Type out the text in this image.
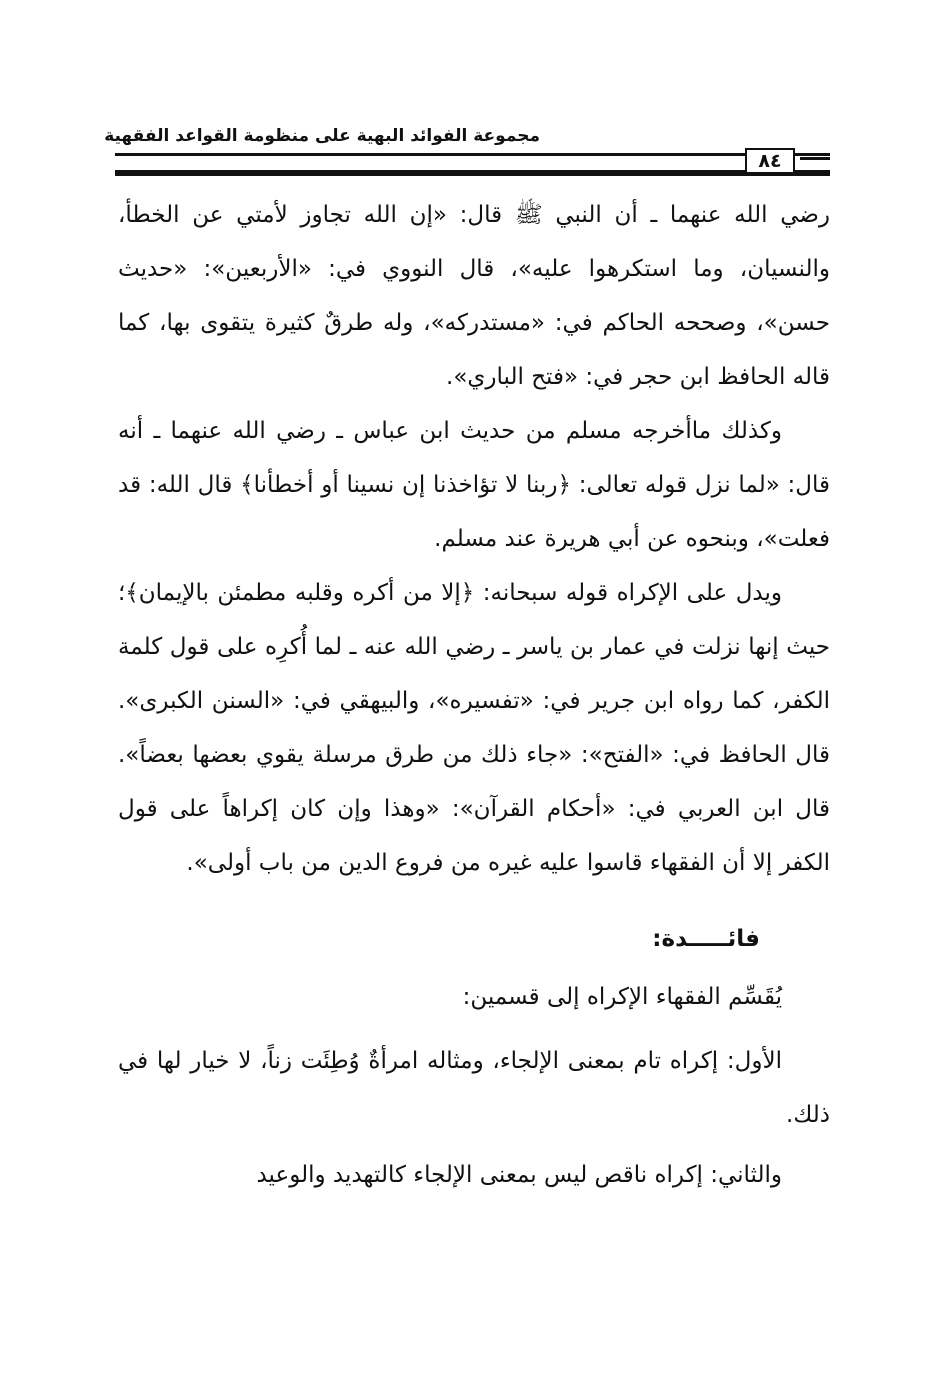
مجموعة الفوائد البهية على منظومة القواعد الفقهية
٨٤

رضي الله عنهما ـ أن النبي ﷺ قال: «إن الله تجاوز لأمتي عن الخطأ، والنسيان، وما استكرهوا عليه»، قال النووي في: «الأربعين»: «حديث حسن»، وصححه الحاكم في: «مستدركه»، وله طرقٌ كثيرة يتقوى بها، كما قاله الحافظ ابن حجر في: «فتح الباري».

وكذلك ماأخرجه مسلم من حديث ابن عباس ـ رضي الله عنهما ـ أنه قال: «لما نزل قوله تعالى: ﴿ربنا لا تؤاخذنا إن نسينا أو أخطأنا﴾ قال الله: قد فعلت»، وبنحوه عن أبي هريرة عند مسلم.

ويدل على الإكراه قوله سبحانه: ﴿إلا من أكره وقلبه مطمئن بالإيمان﴾؛ حيث إنها نزلت في عمار بن ياسر ـ رضي الله عنه ـ لما أُكرِه على قول كلمة الكفر، كما رواه ابن جرير في: «تفسيره»، والبيهقي في: «السنن الكبرى». قال الحافظ في: «الفتح»: «جاء ذلك من طرق مرسلة يقوي بعضها بعضاً». قال ابن العربي في: «أحكام القرآن»: «وهذا وإن كان إكراهاً على قول الكفر إلا أن الفقهاء قاسوا عليه غيره من فروع الدين من باب أولى».

فائـــــدة:

يُقَسِّم الفقهاء الإكراه إلى قسمين:

الأول: إكراه تام بمعنى الإلجاء، ومثاله امرأةٌ وُطِئَت زناً، لا خيار لها في ذلك.

والثاني: إكراه ناقص ليس بمعنى الإلجاء كالتهديد والوعيد
